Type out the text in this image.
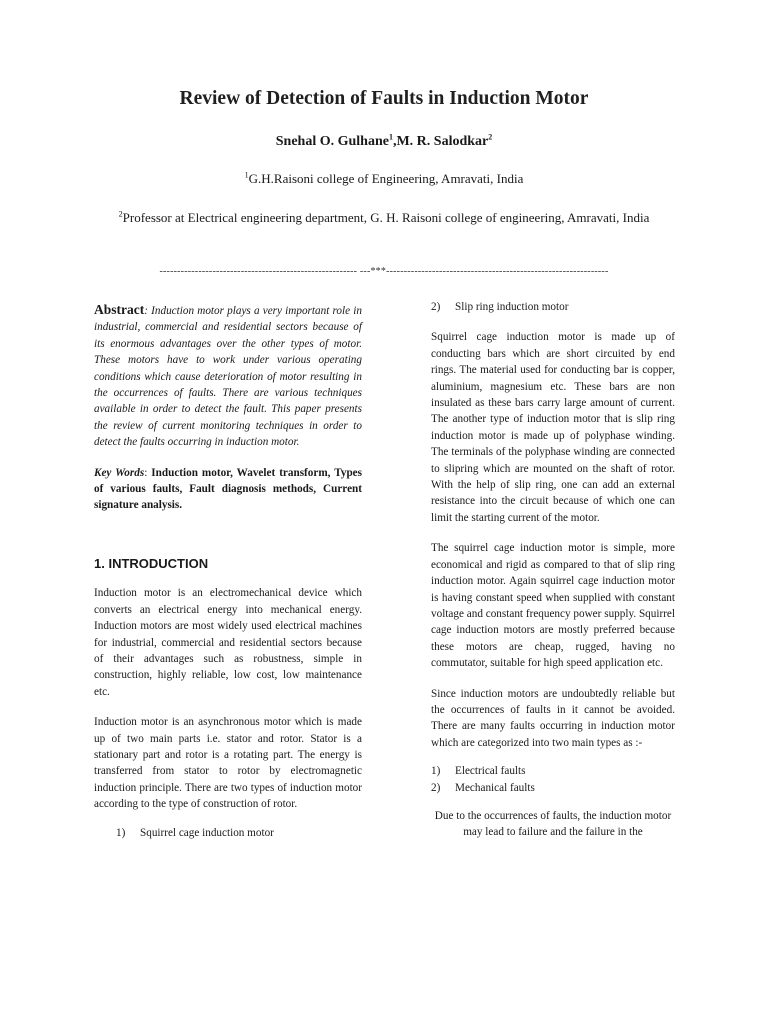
Review of Detection of Faults in Induction Motor
Snehal O. Gulhane$^1$,M. R. Salodkar$^2$
$^1$G.H.Raisoni college of Engineering, Amravati, India
$^2$Professor at Electrical engineering department, G. H. Raisoni college of engineering, Amravati, India
-------------------------------------------------------- ---***---------------------------------------------------------------

Abstract: Induction motor plays a very important role in industrial, commercial and residential sectors because of its enormous advantages over the other types of motor. These motors have to work under various operating conditions which cause deterioration of motor resulting in the occurrences of faults. There are various techniques available in order to detect the fault. This paper presents the review of current monitoring techniques in order to detect the faults occurring in induction motor.

Key Words: Induction motor, Wavelet transform, Types of various faults, Fault diagnosis methods, Current signature analysis.

1. INTRODUCTION

Induction motor is an electromechanical device which converts an electrical energy into mechanical energy. Induction motors are most widely used electrical machines for industrial, commercial and residential sectors because of their advantages such as robustness, simple in construction, highly reliable, low cost, low maintenance etc.

Induction motor is an asynchronous motor which is made up of two main parts i.e. stator and rotor. Stator is a stationary part and rotor is a rotating part. The energy is transferred from stator to rotor by electromagnetic induction principle. There are two types of induction motor according to the type of construction of rotor.

1)	Squirrel cage induction motor
2)	Slip ring induction motor

Squirrel cage induction motor is made up of conducting bars which are short circuited by end rings. The material used for conducting bar is copper, aluminium, magnesium etc. These bars are non insulated as these bars carry large amount of current. The another type of induction motor that is slip ring induction motor is made up of polyphase winding. The terminals of the polyphase winding are connected to slipring which are mounted on the shaft of rotor. With the help of slip ring, one can add an external resistance into the circuit because of which one can limit the starting current of the motor.

The squirrel cage induction motor is simple, more economical and rigid as compared to that of slip ring induction motor. Again squirrel cage induction motor is having constant speed when supplied with constant voltage and constant frequency power supply. Squirrel cage induction motors are mostly preferred because these motors are cheap, rugged, having no commutator, suitable for high speed application etc.

Since induction motors are undoubtedly reliable but the occurrences of faults in it cannot be avoided. There are many faults occurring in induction motor which are categorized into two main types as :-

1)	Electrical faults
2)	Mechanical faults

Due to the occurrences of faults, the induction motor may lead to failure and the failure in the
